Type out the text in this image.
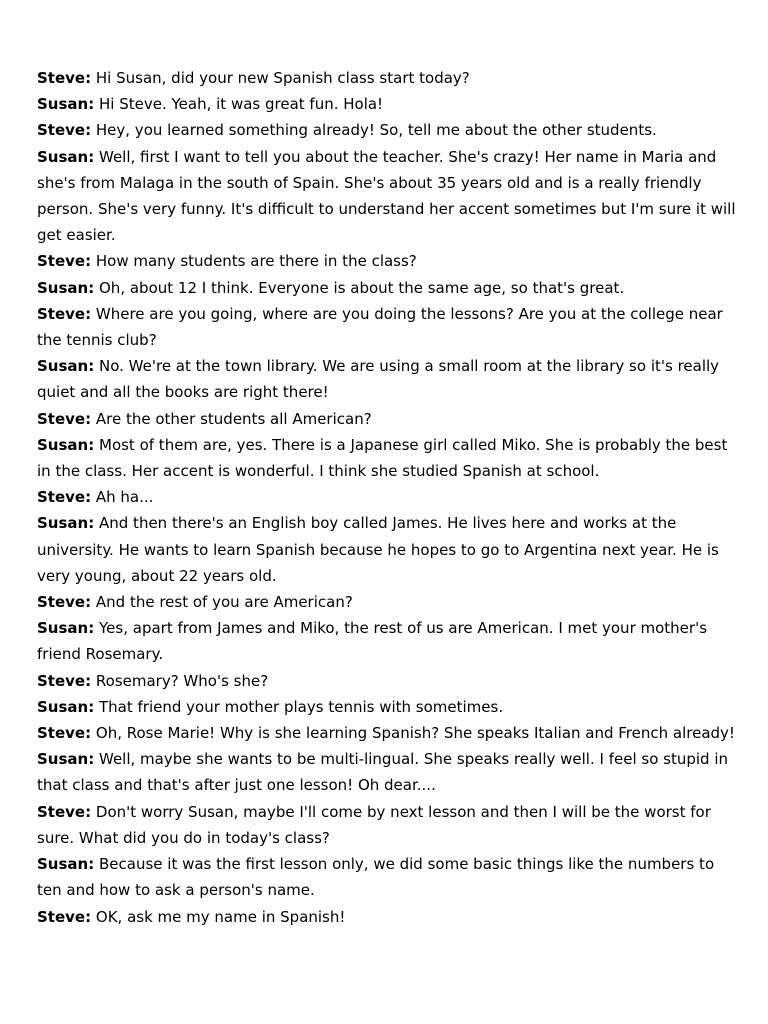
Steve: Hi Susan, did your new Spanish class start today?

Susan: Hi Steve. Yeah, it was great fun. Hola!

Steve: Hey, you learned something already! So, tell me about the other students.

Susan: Well, first I want to tell you about the teacher. She's crazy! Her name in Maria and she's from Malaga in the south of Spain. She's about 35 years old and is a really friendly person. She's very funny. It's difficult to understand her accent sometimes but I'm sure it will get easier.

Steve: How many students are there in the class?

Susan: Oh, about 12 I think. Everyone is about the same age, so that's great.

Steve: Where are you going, where are you doing the lessons? Are you at the college near the tennis club?

Susan: No. We're at the town library. We are using a small room at the library so it's really quiet and all the books are right there!

Steve: Are the other students all American?

Susan: Most of them are, yes. There is a Japanese girl called Miko. She is probably the best in the class. Her accent is wonderful. I think she studied Spanish at school.

Steve: Ah ha...

Susan: And then there's an English boy called James. He lives here and works at the university. He wants to learn Spanish because he hopes to go to Argentina next year. He is very young, about 22 years old.

Steve: And the rest of you are American?

Susan: Yes, apart from James and Miko, the rest of us are American. I met your mother's friend Rosemary.

Steve: Rosemary? Who's she?

Susan: That friend your mother plays tennis with sometimes.

Steve: Oh, Rose Marie! Why is she learning Spanish? She speaks Italian and French already!

Susan: Well, maybe she wants to be multi-lingual. She speaks really well. I feel so stupid in that class and that's after just one lesson! Oh dear....

Steve: Don't worry Susan, maybe I'll come by next lesson and then I will be the worst for sure. What did you do in today's class?

Susan: Because it was the first lesson only, we did some basic things like the numbers to ten and how to ask a person's name.

Steve: OK, ask me my name in Spanish!
